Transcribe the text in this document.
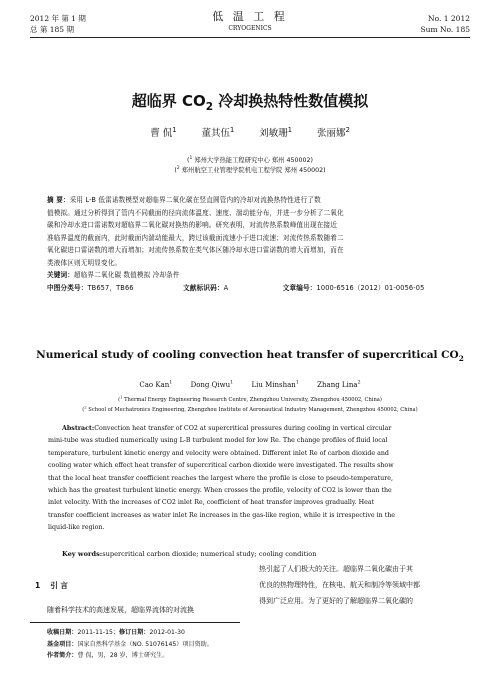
2012 年 第 1 期
总 第 185 期
低 温 工 程
CRYOGENICS
No. 1 2012
Sum No. 185
超临界 $CO_2$ 冷却换热特性数值模拟
曹 侃$^1$	董其伍$^1$	刘敏珊$^1$	张丽娜$^2$
($^1$ 郑州大学热能工程研究中心 郑州 450002)
($^2$ 郑州航空工业管理学院机电工程学院 郑州 450002)
摘 要：采用 L-B 低雷诺数模型对超临界二氧化碳在竖直圆管内的冷却对流换热特性进行了数
值模拟。通过分析得到了管内不同截面的径向流体温度、速度、湍动能分布，并进一步分析了二氧化
碳和冷却水进口雷诺数对超临界二氧化碳对换热的影响。研究表明，对流传热系数峰值出现在接近
准临界温度的截面内，此时截面内湍动能最大，跨过该截面流速小于进口流速；对流传热系数随着二
氧化碳进口雷诺数的增大而增加；对流传热系数在类气体区随冷却水进口雷诺数的增大而增加，而在
类液体区则无明显变化。
关键词：超临界二氧化碳 数值模拟 冷却条件
中图分类号：TB657，TB66	文献标识码：A	文章编号：1000-6516（2012）01-0056-05
Numerical study of cooling convection heat transfer of supercritical $CO_2$
Cao Kan$^1$	Dong Qiwu$^1$	Liu Minshan$^1$	Zhang Lina$^2$
($^1$ Thermal Energy Engineering Research Centre, Zhengzhou University, Zhengzhou 450002, China)
($^2$ School of Mechatronics Engineering, Zhengzhou Institute of Aeronautical Industry Management, Zhengzhou 450002, China)
Abstract:Convection heat transfer of CO2 at supercritical pressures during cooling in vertical circular
mini-tube was studied numerically using L-B turbulent model for low Re. The change profiles of fluid local
temperature, turbulent kinetic energy and velocity were obtained. Different inlet Re of carbon dioxide and
cooling water which effect heat transfer of supercritical carbon dioxide were investigated. The results show
that the local heat transfer coefficient reaches the largest where the profile is close to pseudo-temperature,
which has the greatest turbulent kinetic energy. When crosses the profile, velocity of CO2 is lower than the
inlet velocity. With the increases of CO2 inlet Re, coefficient of heat transfer improves gradually. Heat
transfer coefficient increases as water inlet Re increases in the gas-like region, while it is irrespective in the
liquid-like region.
Key words:supercritical carbon dioxide; numerical study; cooling condition
1 引 言
随着科学技术的高速发展，超临界流体的对流换
热引起了人们极大的关注。超临界二氧化碳由于其
优良的热物理特性，在核电、航天和制冷等领域中都
得到广泛应用。为了更好的了解超临界二氧化碳的
收稿日期：2011-11-15；修订日期：2012-01-30
基金项目：国家自然科学基金（NO. 51076145）项目资助。
作者简介：曹 侃，男，28 岁，博士研究生。
